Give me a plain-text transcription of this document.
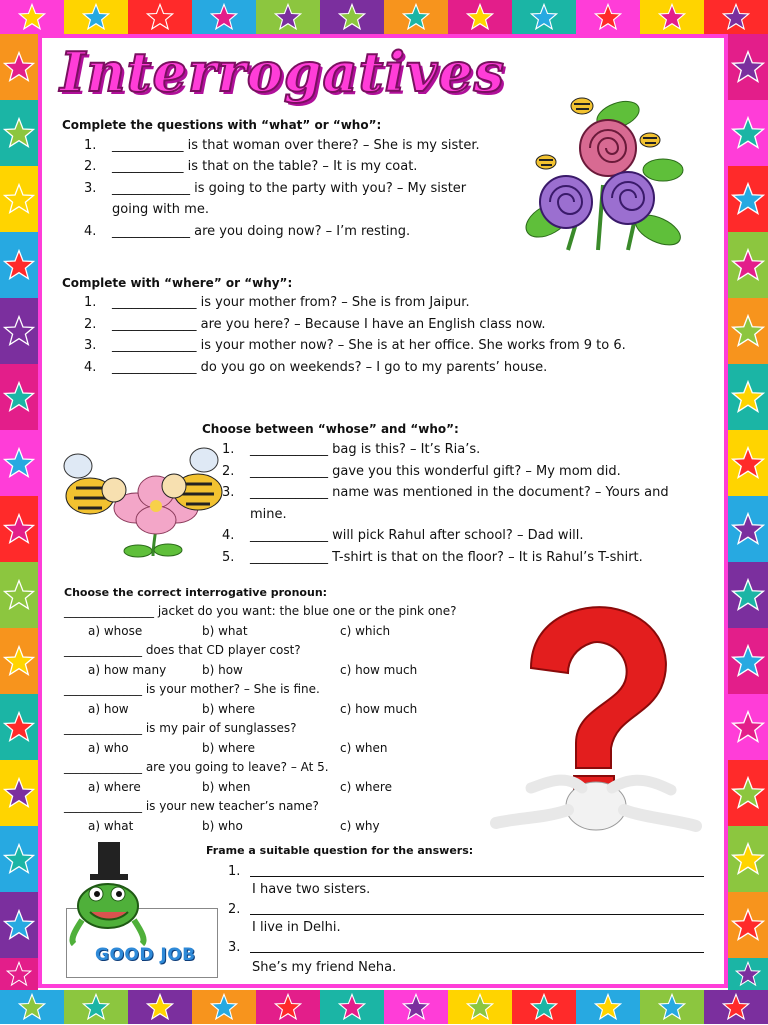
Interrogatives
Complete the questions with “what” or “who”:
1. ___________ is that woman over there? – She is my sister.
2. ___________ is that on the table? – It is my coat.
3. ____________ is going to the party with you? – My sister
going with me.
4. ____________ are you doing now? – I’m resting.
Complete with “where” or “why”:
1. _____________ is your mother from? – She is from Jaipur.
2. _____________ are you here? – Because I have an English class now.
3. _____________ is your mother now? – She is at her office. She works from 9 to 6.
4. _____________ do you go on weekends? – I go to my parents’ house.
Choose between “whose” and “who”:
1. ____________ bag is this? – It’s Ria’s.
2. ____________ gave you this wonderful gift? – My mom did.
3. ____________ name was mentioned in the document? – Yours and
mine.
4. ____________ will pick Rahul after school? – Dad will.
5. ____________ T-shirt is that on the floor? – It is Rahul’s T-shirt.
Choose the correct interrogative pronoun:
_______________ jacket do you want: the blue one or the pink one?
a) whose	b) what	c) which
_____________ does that CD player cost?
a) how many	b) how	c) how much
_____________ is your mother? – She is fine.
a) how	b) where	c) how much
_____________ is my pair of sunglasses?
a) who	b) where	c) when
_____________ are you going to leave? – At 5.
a) where	b) when	c) where
_____________ is your new teacher’s name?
a) what	b) who	c) why
Frame a suitable question for the answers:
1.
I have two sisters.
2.
I live in Delhi.
3.
She’s my friend Neha.
GOOD JOB
